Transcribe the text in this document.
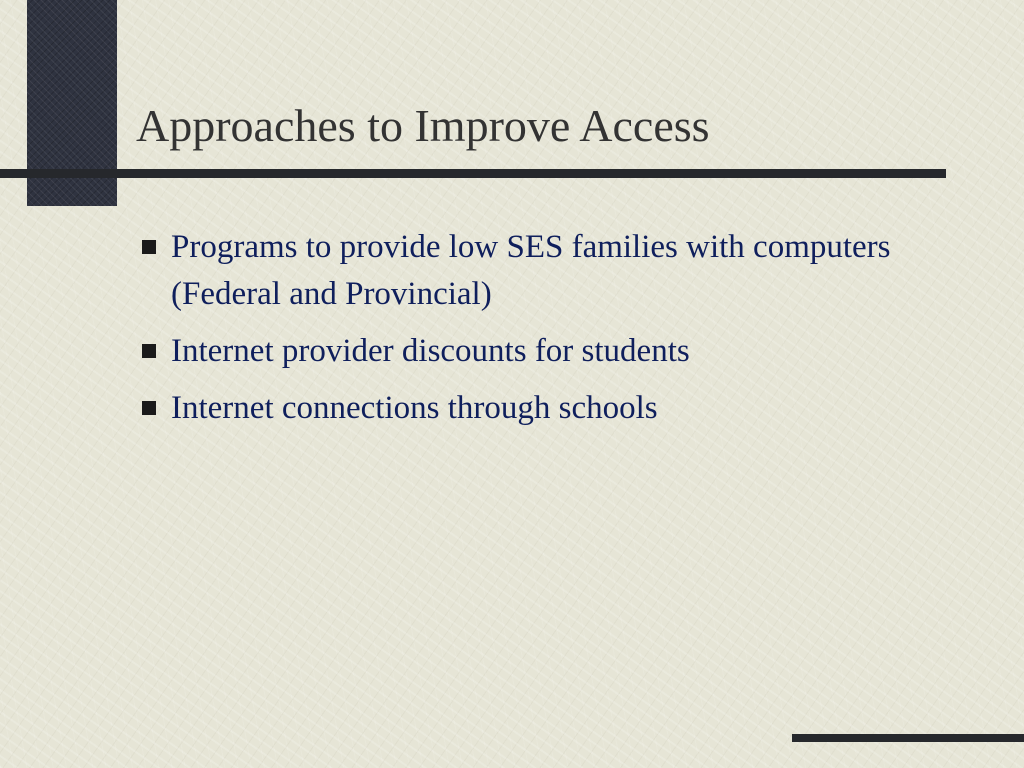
Approaches to Improve Access
Programs to provide low SES families with computers (Federal and Provincial)
Internet provider discounts for students
Internet connections through schools
